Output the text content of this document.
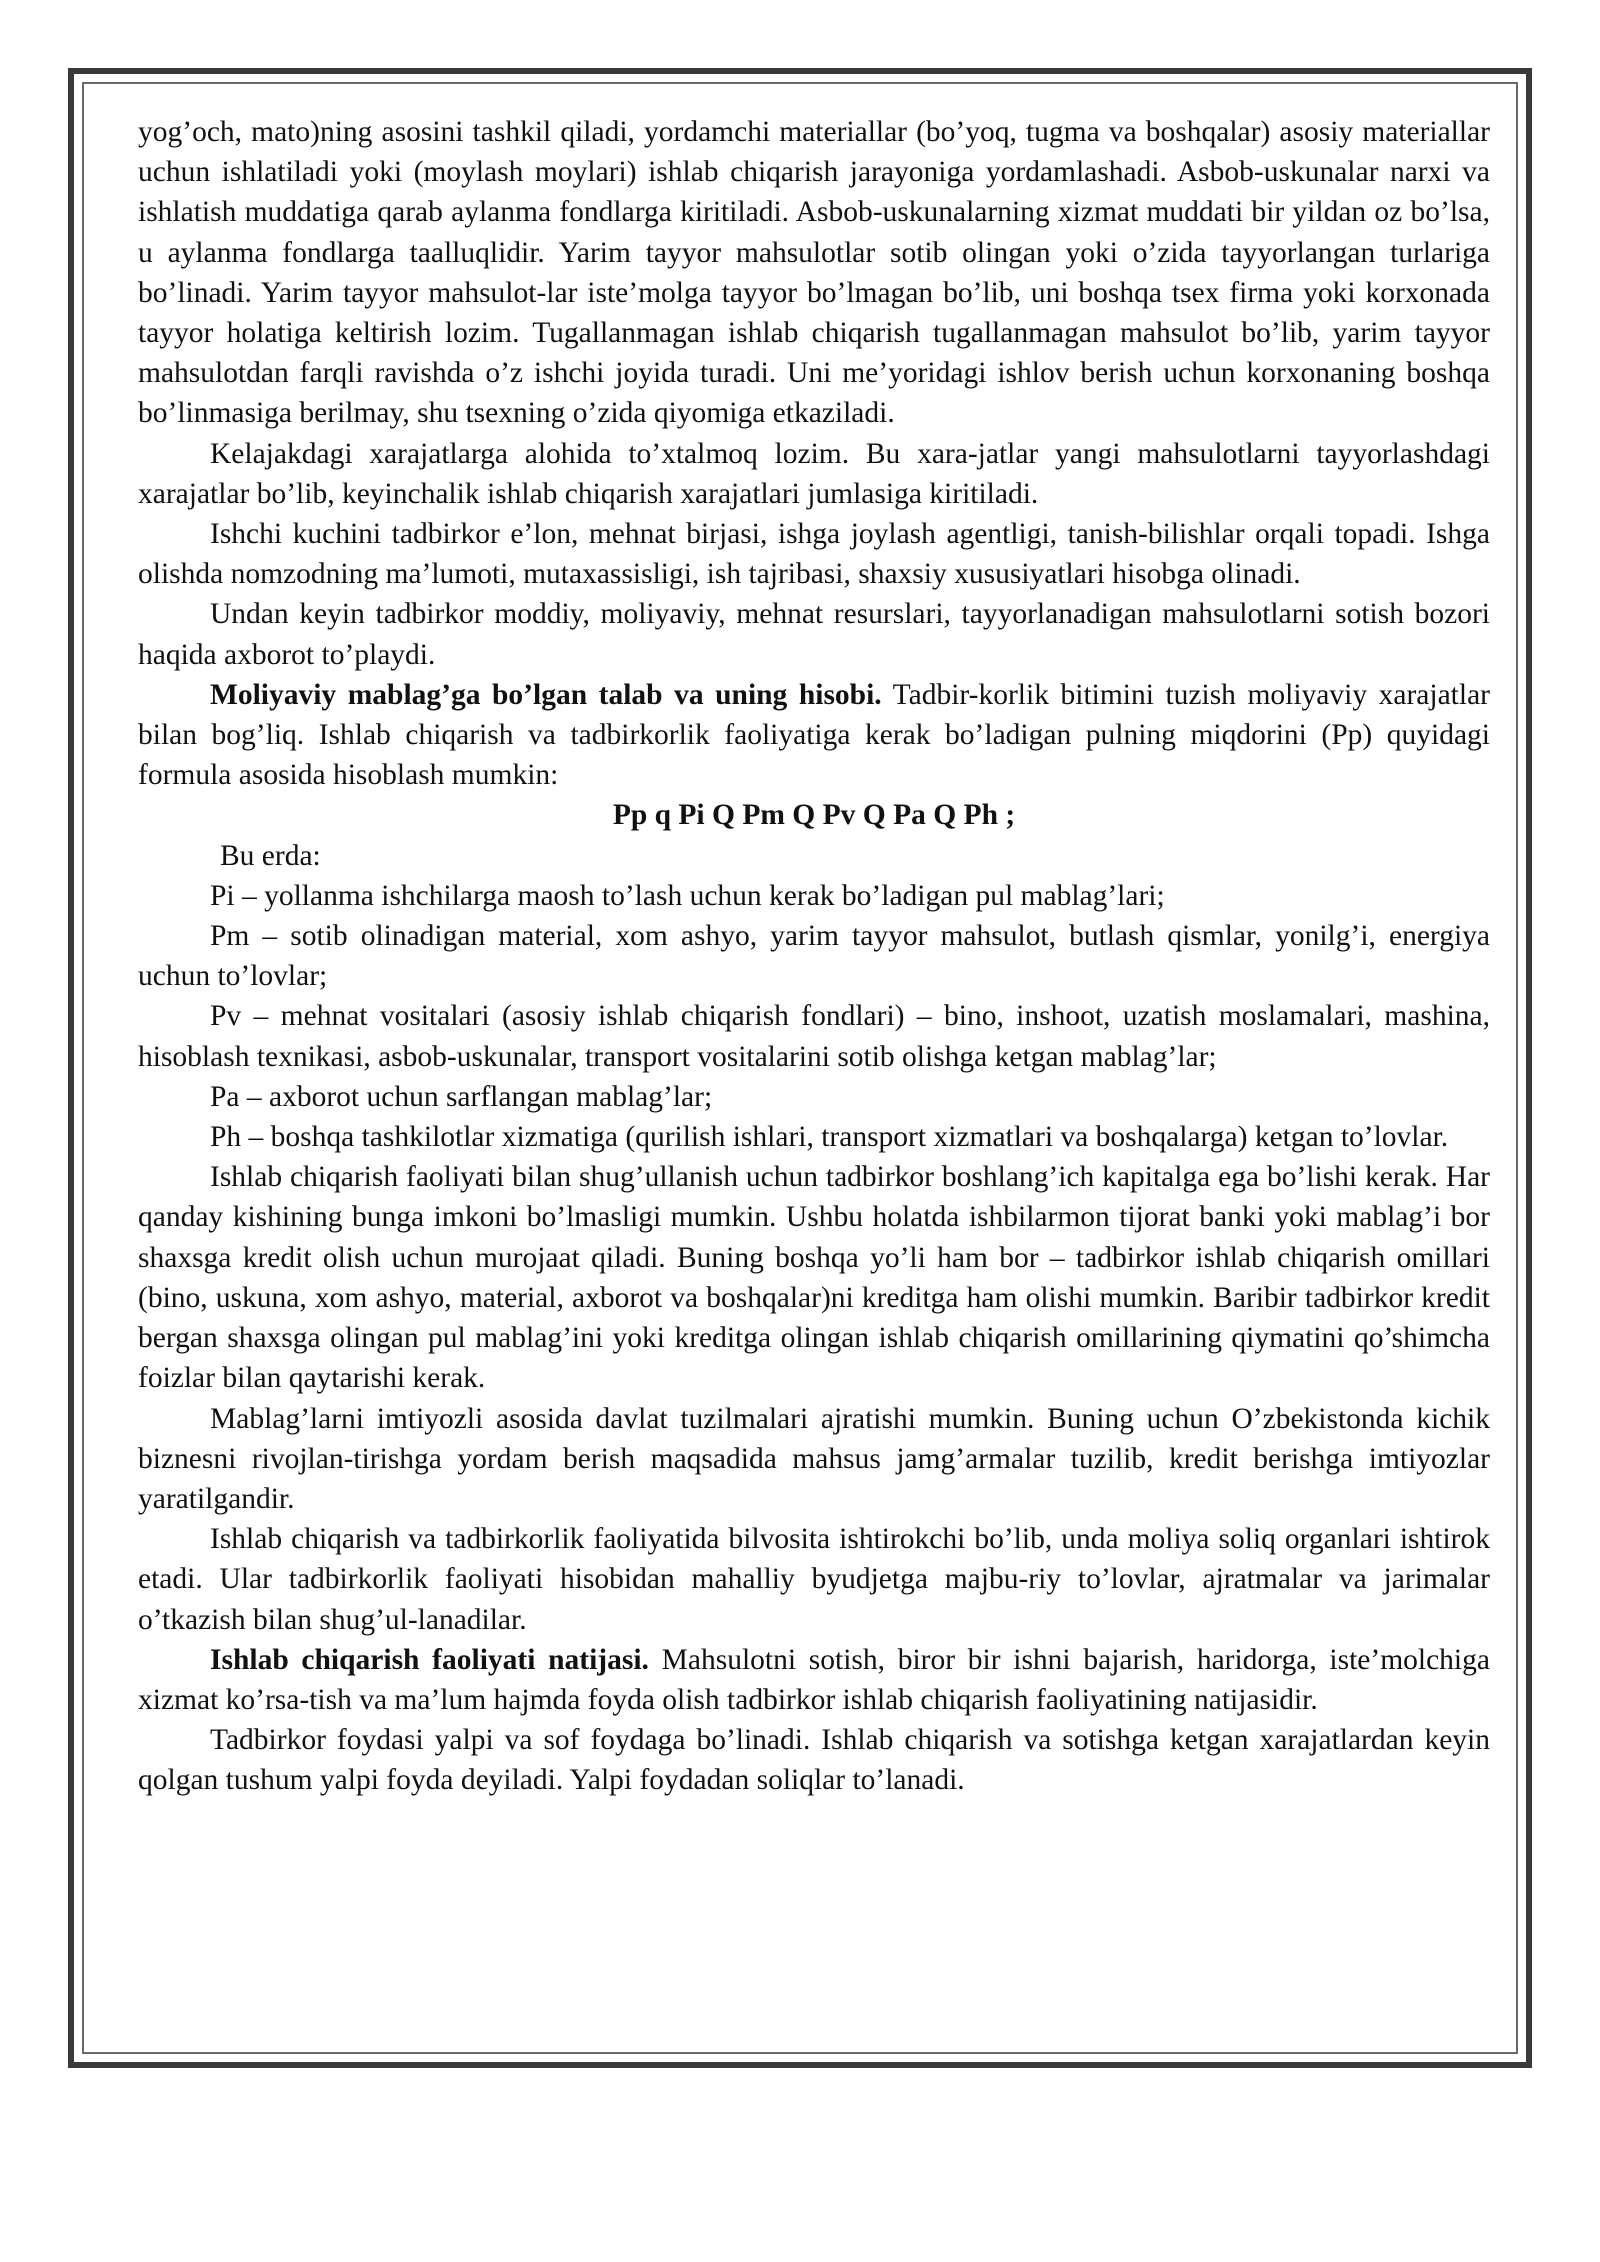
yog’och, mato)ning asosini tashkil qiladi, yordamchi materiallar (bo’yoq, tugma va boshqalar) asosiy materiallar uchun ishlatiladi yoki (moylash moylari) ishlab chiqarish jarayoniga yordamlashadi. Asbob-uskunalar narxi va ishlatish muddatiga qarab aylanma fondlarga kiritiladi. Asbob-uskunalarning xizmat muddati bir yildan oz bo’lsa, u aylanma fondlarga taalluqlidir. Yarim tayyor mahsulotlar sotib olingan yoki o’zida tayyorlangan turlariga bo’linadi. Yarim tayyor mahsulot-lar iste’molga tayyor bo’lmagan bo’lib, uni boshqa tsex firma yoki korxonada tayyor holatiga keltirish lozim. Tugallanmagan ishlab chiqarish tugallanmagan mahsulot bo’lib, yarim tayyor mahsulotdan farqli ravishda o’z ishchi joyida turadi. Uni me’yoridagi ishlov berish uchun korxonaning boshqa bo’linmasiga berilmay, shu tsexning o’zida qiyomiga etkaziladi.

Kelajakdagi xarajatlarga alohida to’xtalmoq lozim. Bu xara-jatlar yangi mahsulotlarni tayyorlashdagi xarajatlar bo’lib, keyinchalik ishlab chiqarish xarajatlari jumlasiga kiritiladi.

Ishchi kuchini tadbirkor e’lon, mehnat birjasi, ishga joylash agentligi, tanish-bilishlar orqali topadi. Ishga olishda nomzodning ma’lumoti, mutaxassisligi, ish tajribasi, shaxsiy xususiyatlari hisobga olinadi.

Undan keyin tadbirkor moddiy, moliyaviy, mehnat resurslari, tayyorlanadigan mahsulotlarni sotish bozori haqida axborot to’playdi.

Moliyaviy mablag’ga bo’lgan talab va uning hisobi. Tadbir-korlik bitimini tuzish moliyaviy xarajatlar bilan bog’liq. Ishlab chiqarish va tadbirkorlik faoliyatiga kerak bo’ladigan pulning miqdorini (Pp) quyidagi formula asosida hisoblash mumkin:

Pp q Pi Q Pm Q Pv Q Pa Q Ph ;

Bu erda:

Pi – yollanma ishchilarga maosh to’lash uchun kerak bo’ladigan pul mablag’lari;

Pm – sotib olinadigan material, xom ashyo, yarim tayyor mahsulot, butlash qismlar, yonilg’i, energiya uchun to’lovlar;

Pv – mehnat vositalari (asosiy ishlab chiqarish fondlari) – bino, inshoot, uzatish moslamalari, mashina, hisoblash texnikasi, asbob-uskunalar, transport vositalarini sotib olishga ketgan mablag’lar;

Pa – axborot uchun sarflangan mablag’lar;

Ph – boshqa tashkilotlar xizmatiga (qurilish ishlari, transport xizmatlari va boshqalarga) ketgan to’lovlar.

Ishlab chiqarish faoliyati bilan shug’ullanish uchun tadbirkor boshlang’ich kapitalga ega bo’lishi kerak. Har qanday kishining bunga imkoni bo’lmasligi mumkin. Ushbu holatda ishbilarmon tijorat banki yoki mablag’i bor shaxsga kredit olish uchun murojaat qiladi. Buning boshqa yo’li ham bor – tadbirkor ishlab chiqarish omillari (bino, uskuna, xom ashyo, material, axborot va boshqalar)ni kreditga ham olishi mumkin. Baribir tadbirkor kredit bergan shaxsga olingan pul mablag’ini yoki kreditga olingan ishlab chiqarish omillarining qiymatini qo’shimcha foizlar bilan qaytarishi kerak.

Mablag’larni imtiyozli asosida davlat tuzilmalari ajratishi mumkin. Buning uchun O’zbekistonda kichik biznesni rivojlan-tirishga yordam berish maqsadida mahsus jamg’armalar tuzilib, kredit berishga imtiyozlar yaratilgandir.

Ishlab chiqarish va tadbirkorlik faoliyatida bilvosita ishtirokchi bo’lib, unda moliya soliq organlari ishtirok etadi. Ular tadbirkorlik faoliyati hisobidan mahalliy byudjetga majbu-riy to’lovlar, ajratmalar va jarimalar o’tkazish bilan shug’ul-lanadilar.

Ishlab chiqarish faoliyati natijasi. Mahsulotni sotish, biror bir ishni bajarish, haridorga, iste’molchiga xizmat ko’rsa-tish va ma’lum hajmda foyda olish tadbirkor ishlab chiqarish faoliyatining natijasidir.

Tadbirkor foydasi yalpi va sof foydaga bo’linadi. Ishlab chiqarish va sotishga ketgan xarajatlardan keyin qolgan tushum yalpi foyda deyiladi. Yalpi foydadan soliqlar to’lanadi.
